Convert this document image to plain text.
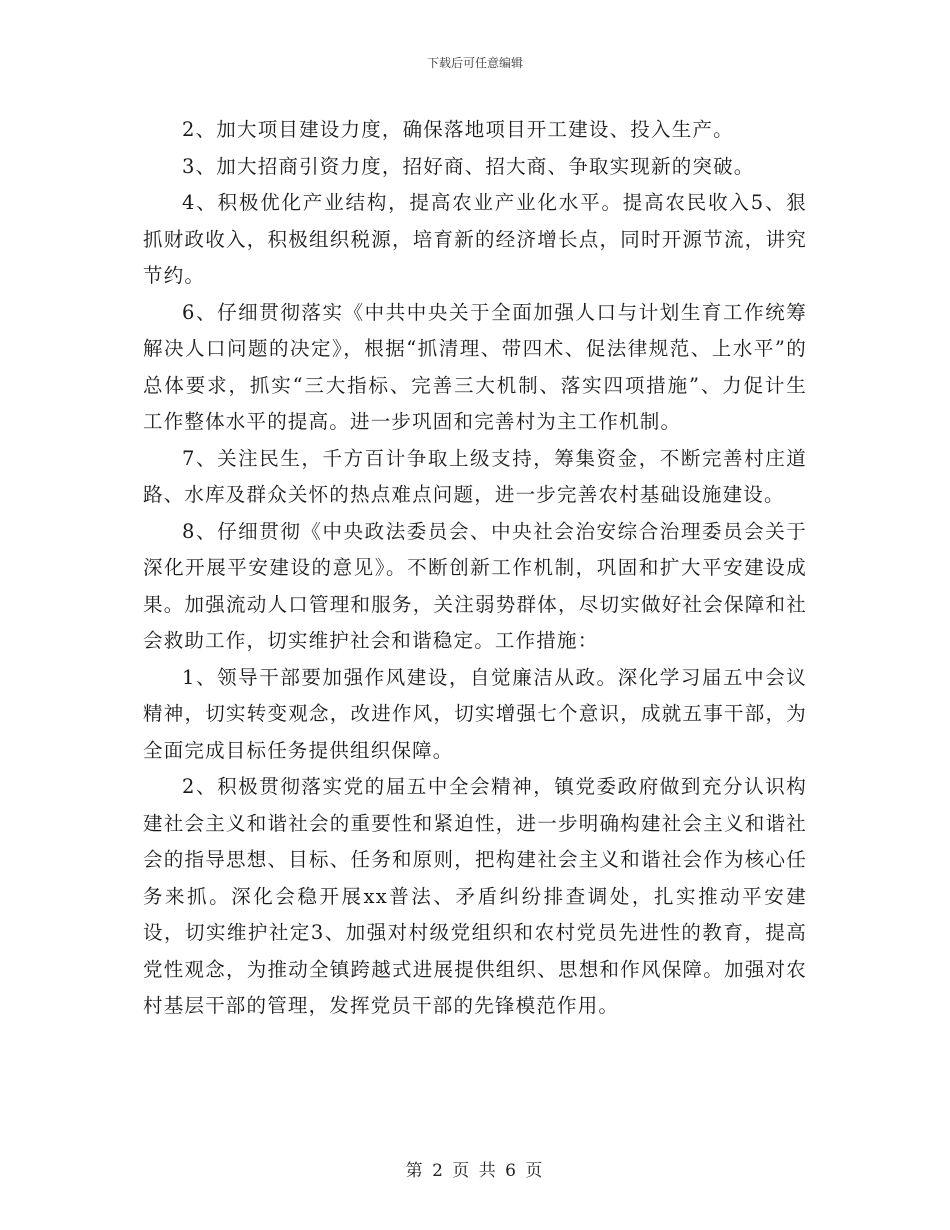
下载后可任意编辑

2、加大项目建设力度，确保落地项目开工建设、投入生产。

3、加大招商引资力度，招好商、招大商、争取实现新的突破。

4、积极优化产业结构，提高农业产业化水平。提高农民收入5、狠抓财政收入，积极组织税源，培育新的经济增长点，同时开源节流，讲究节约。

6、仔细贯彻落实《中共中央关于全面加强人口与计划生育工作统筹解决人口问题的决定》，根据“抓清理、带四术、促法律规范、上水平”的总体要求，抓实“三大指标、完善三大机制、落实四项措施”、力促计生工作整体水平的提高。进一步巩固和完善村为主工作机制。

7、关注民生，千方百计争取上级支持，筹集资金，不断完善村庄道路、水库及群众关怀的热点难点问题，进一步完善农村基础设施建设。

8、仔细贯彻《中央政法委员会、中央社会治安综合治理委员会关于深化开展平安建设的意见》。不断创新工作机制，巩固和扩大平安建设成果。加强流动人口管理和服务，关注弱势群体，尽切实做好社会保障和社会救助工作，切实维护社会和谐稳定。工作措施：

1、领导干部要加强作风建设，自觉廉洁从政。深化学习届五中会议精神，切实转变观念，改进作风，切实增强七个意识，成就五事干部，为全面完成目标任务提供组织保障。

2、积极贯彻落实党的届五中全会精神，镇党委政府做到充分认识构建社会主义和谐社会的重要性和紧迫性，进一步明确构建社会主义和谐社会的指导思想、目标、任务和原则，把构建社会主义和谐社会作为核心任务来抓。深化会稳开展xx普法、矛盾纠纷排查调处，扎实推动平安建设，切实维护社定3、加强对村级党组织和农村党员先进性的教育，提高党性观念，为推动全镇跨越式进展提供组织、思想和作风保障。加强对农村基层干部的管理，发挥党员干部的先锋模范作用。

第 2 页 共 6 页
